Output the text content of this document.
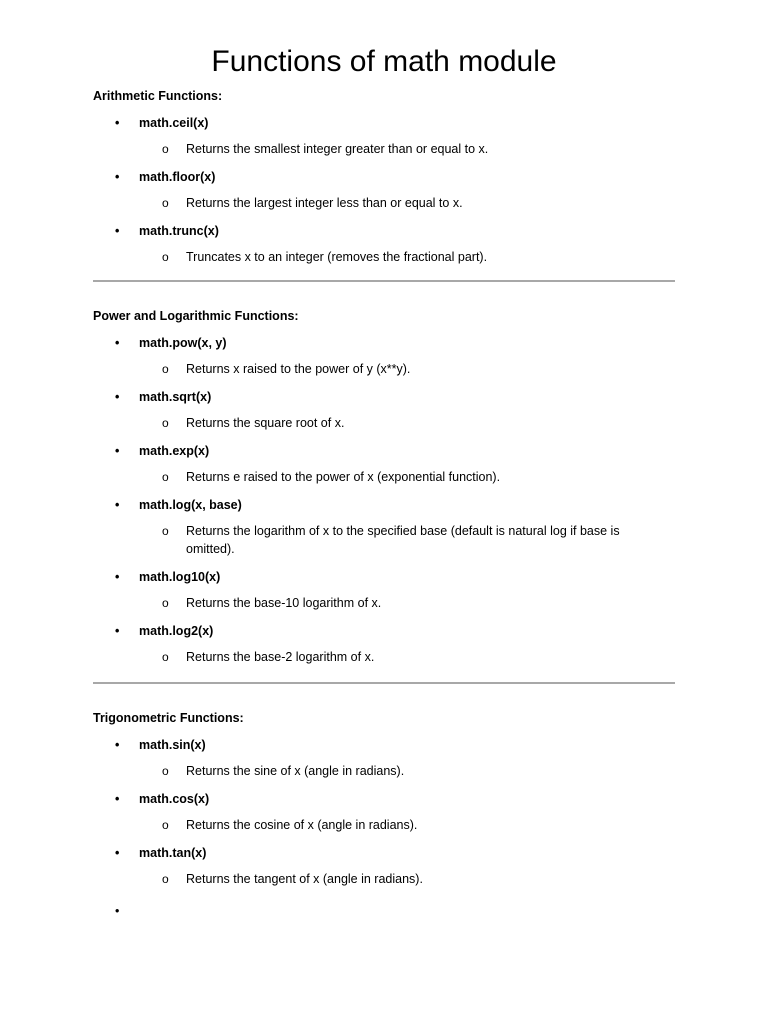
Functions of math module
Arithmetic Functions:
• math.ceil(x)
o Returns the smallest integer greater than or equal to x.
• math.floor(x)
o Returns the largest integer less than or equal to x.
• math.trunc(x)
o Truncates x to an integer (removes the fractional part).
Power and Logarithmic Functions:
• math.pow(x, y)
o Returns x raised to the power of y (x**y).
• math.sqrt(x)
o Returns the square root of x.
• math.exp(x)
o Returns e raised to the power of x (exponential function).
• math.log(x, base)
o Returns the logarithm of x to the specified base (default is natural log if base is omitted).
• math.log10(x)
o Returns the base-10 logarithm of x.
• math.log2(x)
o Returns the base-2 logarithm of x.
Trigonometric Functions:
• math.sin(x)
o Returns the sine of x (angle in radians).
• math.cos(x)
o Returns the cosine of x (angle in radians).
• math.tan(x)
o Returns the tangent of x (angle in radians).
•
